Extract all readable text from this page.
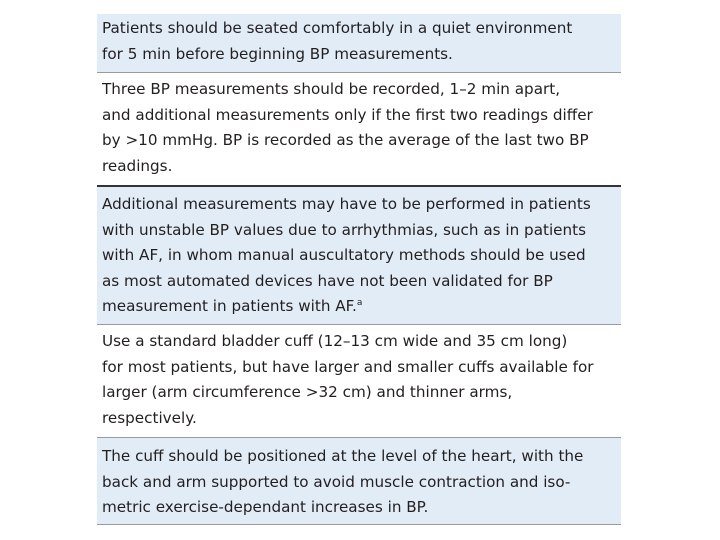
Patients should be seated comfortably in a quiet environment
for 5 min before beginning BP measurements.
Three BP measurements should be recorded, 1–2 min apart,
and additional measurements only if the first two readings differ
by >10 mmHg. BP is recorded as the average of the last two BP
readings.
Additional measurements may have to be performed in patients
with unstable BP values due to arrhythmias, such as in patients
with AF, in whom manual auscultatory methods should be used
as most automated devices have not been validated for BP
measurement in patients with AF.$^a$
Use a standard bladder cuff (12–13 cm wide and 35 cm long)
for most patients, but have larger and smaller cuffs available for
larger (arm circumference >32 cm) and thinner arms,
respectively.
The cuff should be positioned at the level of the heart, with the
back and arm supported to avoid muscle contraction and iso-
metric exercise-dependant increases in BP.
